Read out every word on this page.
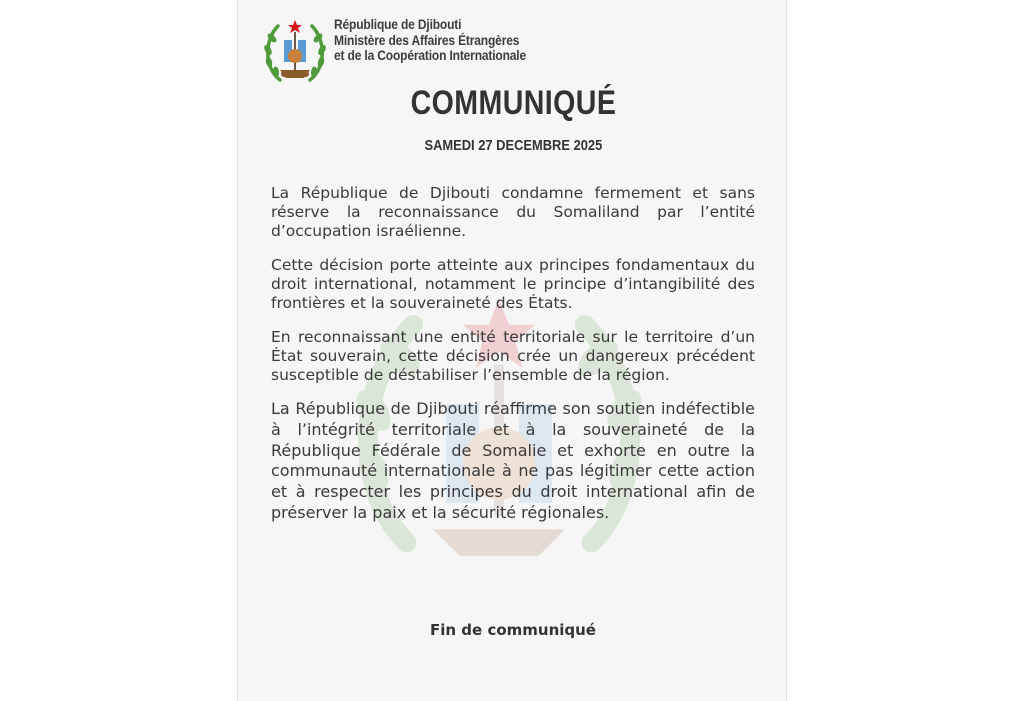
République de Djibouti
Ministère des Affaires Étrangères
et de la Coopération Internationale
COMMUNIQUÉ
SAMEDI 27 DECEMBRE 2025

La République de Djibouti condamne fermement et sans réserve la reconnaissance du Somaliland par l’entité d’occupation israélienne.

Cette décision porte atteinte aux principes fondamentaux du droit international, notamment le principe d’intangibilité des frontières et la souveraineté des États.

En reconnaissant une entité territoriale sur le territoire d’un État souverain, cette décision crée un dangereux précédent susceptible de déstabiliser l’ensemble de la région.

La République de Djibouti réaffirme son soutien indéfectible à l’intégrité territoriale et à la souveraineté de la République Fédérale de Somalie et exhorte en outre la communauté internationale à ne pas légitimer cette action et à respecter les principes du droit international afin de préserver la paix et la sécurité régionales.

Fin de communiqué
